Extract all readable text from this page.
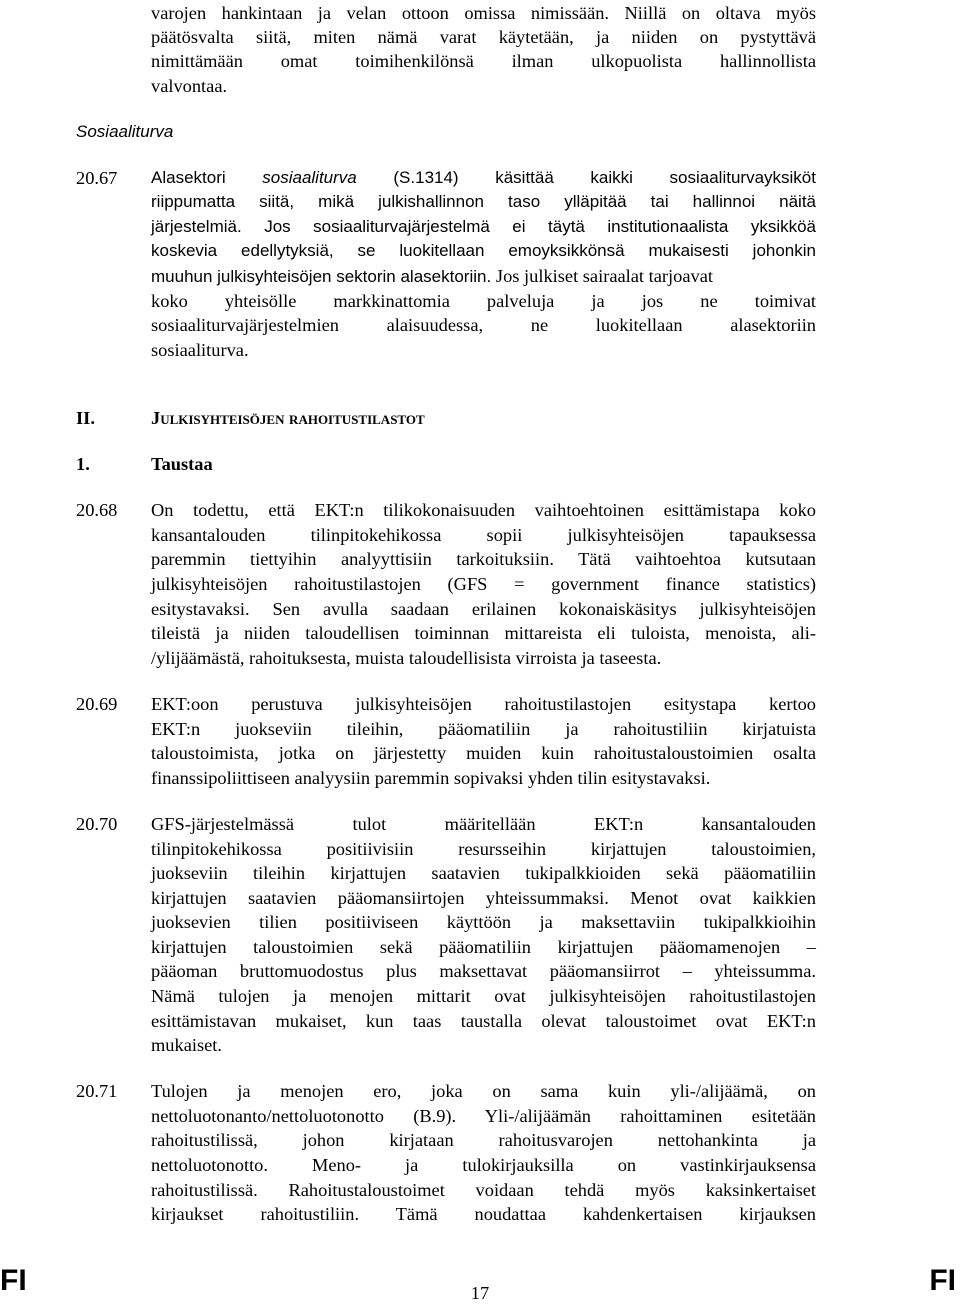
varojen hankintaan ja velan ottoon omissa nimissään. Niillä on oltava myös
päätösvalta siitä, miten nämä varat käytetään, ja niiden on pystyttävä
nimittämään omat toimihenkilönsä ilman ulkopuolista hallinnollista
valvontaa.
Sosiaaliturva
20.67 Alasektori sosiaaliturva (S.1314) käsittää kaikki sosiaaliturvayksiköt
riippumatta siitä, mikä julkishallinnon taso ylläpitää tai hallinnoi näitä
järjestelmiä. Jos sosiaaliturvajärjestelmä ei täytä institutionaalista yksikköä
koskevia edellytyksiä, se luokitellaan emoyksikkönsä mukaisesti johonkin
muuhun julkisyhteisöjen sektorin alasektoriin. Jos julkiset sairaalat tarjoavat
koko yhteisölle markkinattomia palveluja ja jos ne toimivat
sosiaaliturvajärjestelmien alaisuudessa, ne luokitellaan alasektoriin
sosiaaliturva.
II.	Julkisyhteisöjen rahoitustilastot
1.	Taustaa
20.68 On todettu, että EKT:n tilikokonaisuuden vaihtoehtoinen esittämistapa koko
kansantalouden tilinpitokehikossa sopii julkisyhteisöjen tapauksessa
paremmin tiettyihin analyyttisiin tarkoituksiin. Tätä vaihtoehtoa kutsutaan
julkisyhteisöjen rahoitustilastojen (GFS = government finance statistics)
esitystavaksi. Sen avulla saadaan erilainen kokonaiskäsitys julkisyhteisöjen
tileistä ja niiden taloudellisen toiminnan mittareista eli tuloista, menoista, ali-
/ylijäämästä, rahoituksesta, muista taloudellisista virroista ja taseesta.
20.69 EKT:oon perustuva julkisyhteisöjen rahoitustilastojen esitystapa kertoo
EKT:n juokseviin tileihin, pääomatiliin ja rahoitustiliin kirjatuista
taloustoimista, jotka on järjestetty muiden kuin rahoitustaloustoimien osalta
finanssipoliittiseen analyysiin paremmin sopivaksi yhden tilin esitystavaksi.
20.70 GFS-järjestelmässä tulot määritellään EKT:n kansantalouden
tilinpitokehikossa positiivisiin resursseihin kirjattujen taloustoimien,
juokseviin tileihin kirjattujen saatavien tukipalkkioiden sekä pääomatiliin
kirjattujen saatavien pääomansiirtojen yhteissummaksi. Menot ovat kaikkien
juoksevien tilien positiiviseen käyttöön ja maksettaviin tukipalkkioihin
kirjattujen taloustoimien sekä pääomatiliin kirjattujen pääomamenojen –
pääoman bruttomuodostus plus maksettavat pääomansiirrot – yhteissumma.
Nämä tulojen ja menojen mittarit ovat julkisyhteisöjen rahoitustilastojen
esittämistavan mukaiset, kun taas taustalla olevat taloustoimet ovat EKT:n
mukaiset.
20.71 Tulojen ja menojen ero, joka on sama kuin yli-/alijäämä, on
nettoluotonanto/nettoluotonotto (B.9). Yli-/alijäämän rahoittaminen esitetään
rahoitustilissä, johon kirjataan rahoitusvarojen nettohankinta ja
nettoluotonotto. Meno- ja tulokirjauksilla on vastinkirjauksensa
rahoitustilissä. Rahoitustaloustoimet voidaan tehdä myös kaksinkertaiset
kirjaukset rahoitustiliin. Tämä noudattaa kahdenkertaisen kirjauksen
FI	17	FI
